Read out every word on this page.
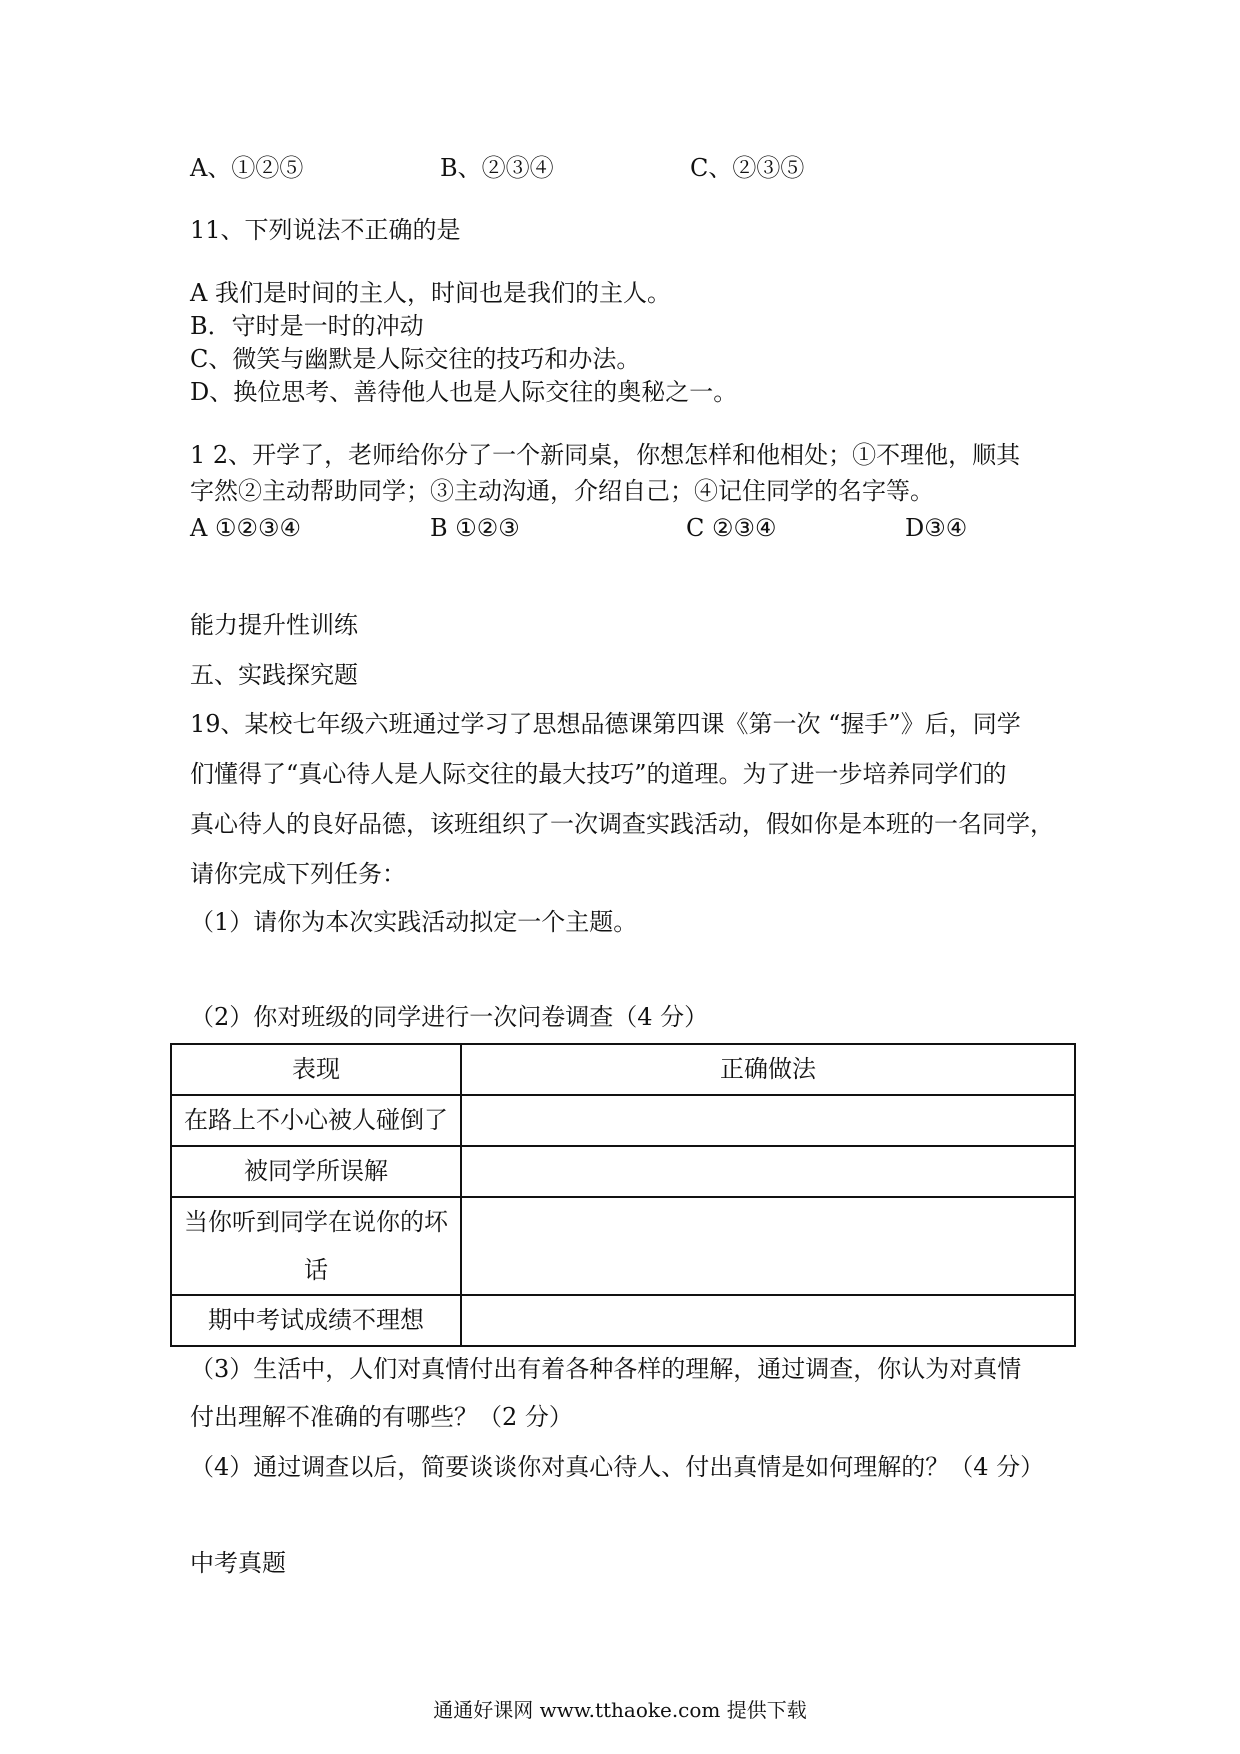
A、①②⑤	B、②③④	C、②③⑤
11、下列说法不正确的是
A 我们是时间的主人，时间也是我们的主人。
B．守时是一时的冲动
C、微笑与幽默是人际交往的技巧和办法。
D、换位思考、善待他人也是人际交往的奥秘之一。
1 2、开学了，老师给你分了一个新同桌，你想怎样和他相处；①不理他，顺其
字然②主动帮助同学；③主动沟通，介绍自己；④记住同学的名字等。
A ①②③④	B ①②③	C ②③④	D③④
能力提升性训练
五、实践探究题
19、某校七年级六班通过学习了思想品德课第四课《第一次 “握手”》后，同学
们懂得了“真心待人是人际交往的最大技巧”的道理。为了进一步培养同学们的
真心待人的良好品德，该班组织了一次调查实践活动，假如你是本班的一名同学，
请你完成下列任务：
（1）请你为本次实践活动拟定一个主题。
（2）你对班级的同学进行一次问卷调查（4 分）
表现	正确做法
在路上不小心被人碰倒了	
被同学所误解	
当你听到同学在说你的坏话	
期中考试成绩不理想	
（3）生活中，人们对真情付出有着各种各样的理解，通过调查，你认为对真情
付出理解不准确的有哪些？（2 分）
（4）通过调查以后，简要谈谈你对真心待人、付出真情是如何理解的？（4 分）
中考真题
通通好课网 www.tthaoke.com 提供下载
